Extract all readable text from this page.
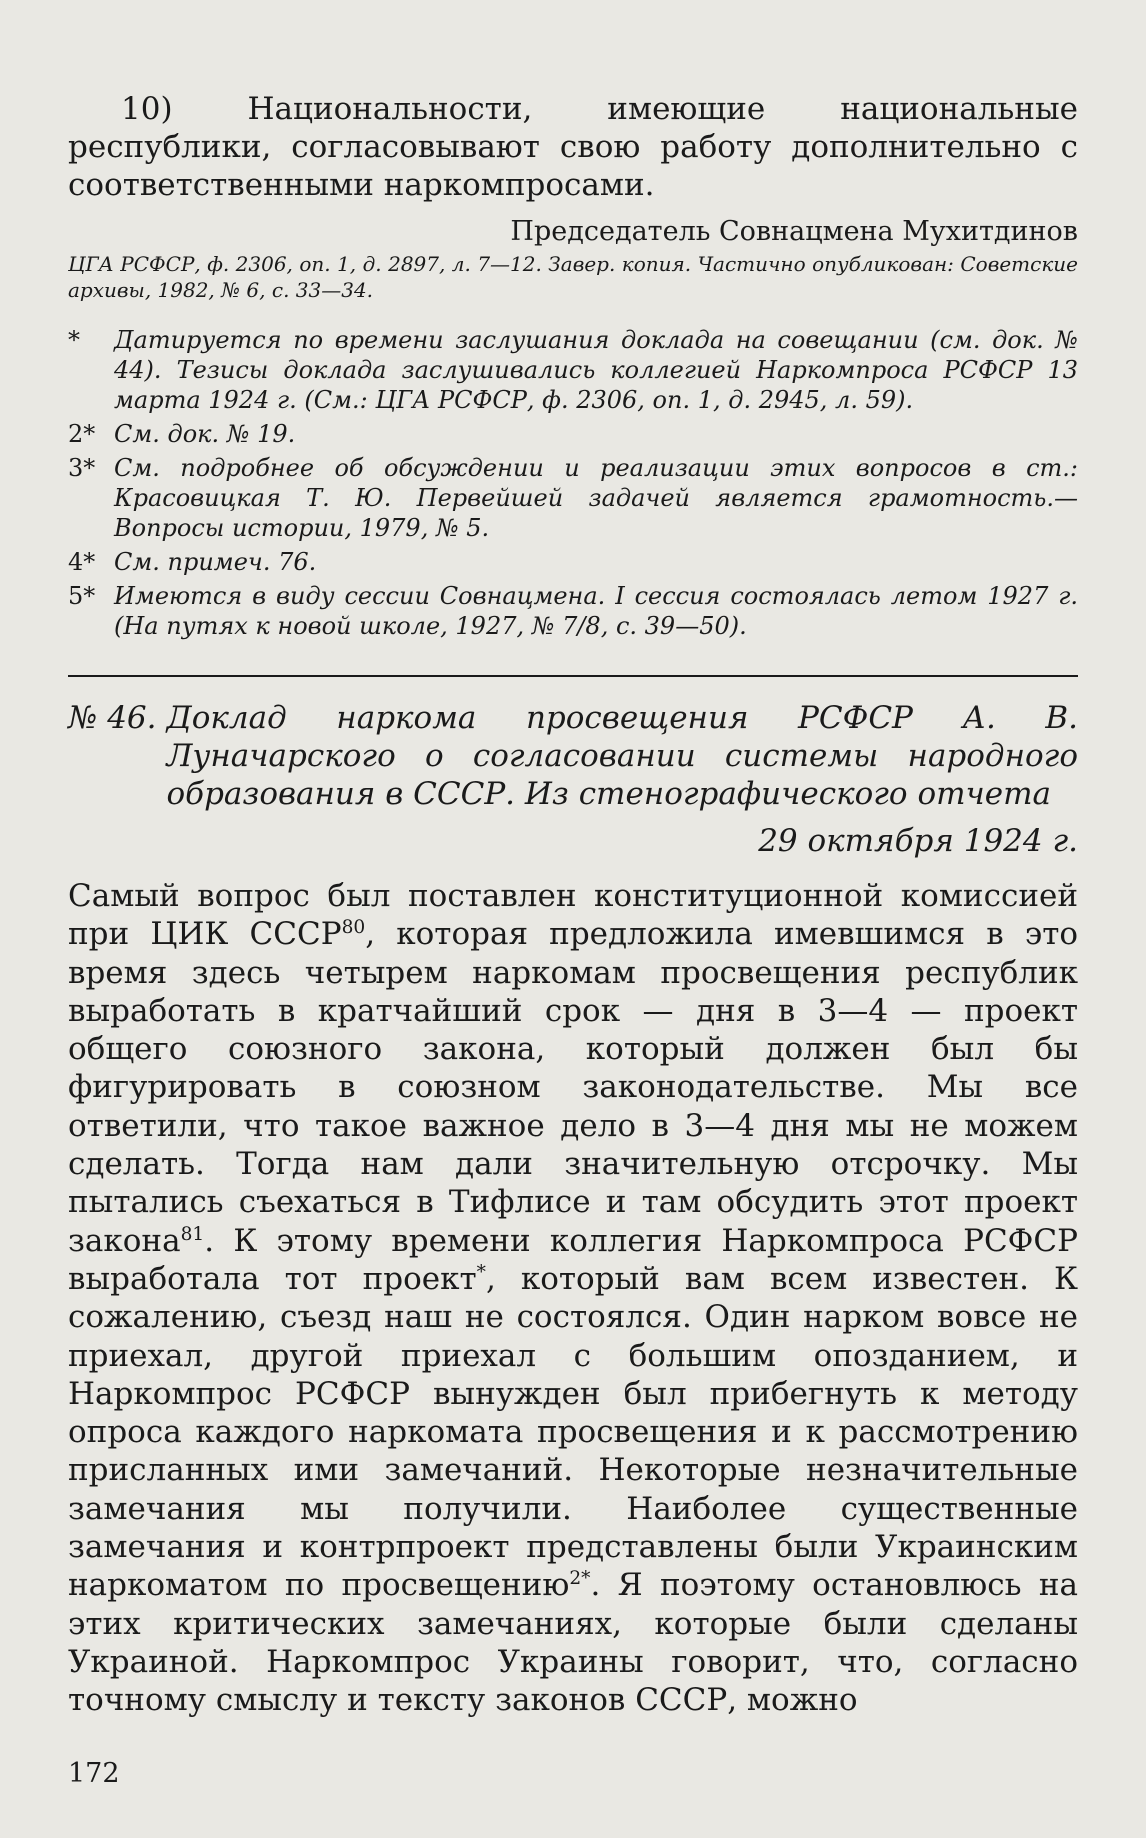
10) Национальности, имеющие национальные республики, согласовывают свою работу дополнительно с соответственными наркомпросами.

Председатель Совнацмена Мухитдинов

ЦГА РСФСР, ф. 2306, оп. 1, д. 2897, л. 7—12. Завер. копия. Частично опубликован: Советские архивы, 1982, № 6, с. 33—34.

*	Датируется по времени заслушания доклада на совещании (см. док. № 44). Тезисы доклада заслушивались коллегией Наркомпроса РСФСР 13 марта 1924 г. (См.: ЦГА РСФСР, ф. 2306, оп. 1, д. 2945, л. 59).
2* См. док. № 19.
3* См. подробнее об обсуждении и реализации этих вопросов в ст.: Красовицкая Т. Ю. Первейшей задачей является грамотность.— Вопросы истории, 1979, № 5.
4* См. примеч. 76.
5* Имеются в виду сессии Совнацмена. I сессия состоялась летом 1927 г. (На путях к новой школе, 1927, № 7/8, с. 39—50).
№ 46. Доклад наркома просвещения РСФСР А. В. Луначарского о согласовании системы народного образования в СССР. Из стенографического отчета
29 октября 1924 г.

Самый вопрос был поставлен конституционной комиссией при ЦИК СССР$^{80}$, которая предложила имевшимся в это время здесь четырем наркомам просвещения республик выработать в кратчайший срок — дня в 3—4 — проект общего союзного закона, который должен был бы фигурировать в союзном законодательстве. Мы все ответили, что такое важное дело в 3—4 дня мы не можем сделать. Тогда нам дали значительную отсрочку. Мы пытались съехаться в Тифлисе и там обсудить этот проект закона$^{81}$. К этому времени коллегия Наркомпроса РСФСР выработала тот проект*, который вам всем известен. К сожалению, съезд наш не состоялся. Один нарком вовсе не приехал, другой приехал с большим опозданием, и Наркомпрос РСФСР вынужден был прибегнуть к методу опроса каждого наркомата просвещения и к рассмотрению присланных ими замечаний. Некоторые незначительные замечания мы получили. Наиболее существенные замечания и контрпроект представлены были Украинским наркоматом по просвещению$^{2*}$. Я поэтому остановлюсь на этих критических замечаниях, которые были сделаны Украиной. Наркомпрос Украины говорит, что, согласно точному смыслу и тексту законов СССР, можно

172
